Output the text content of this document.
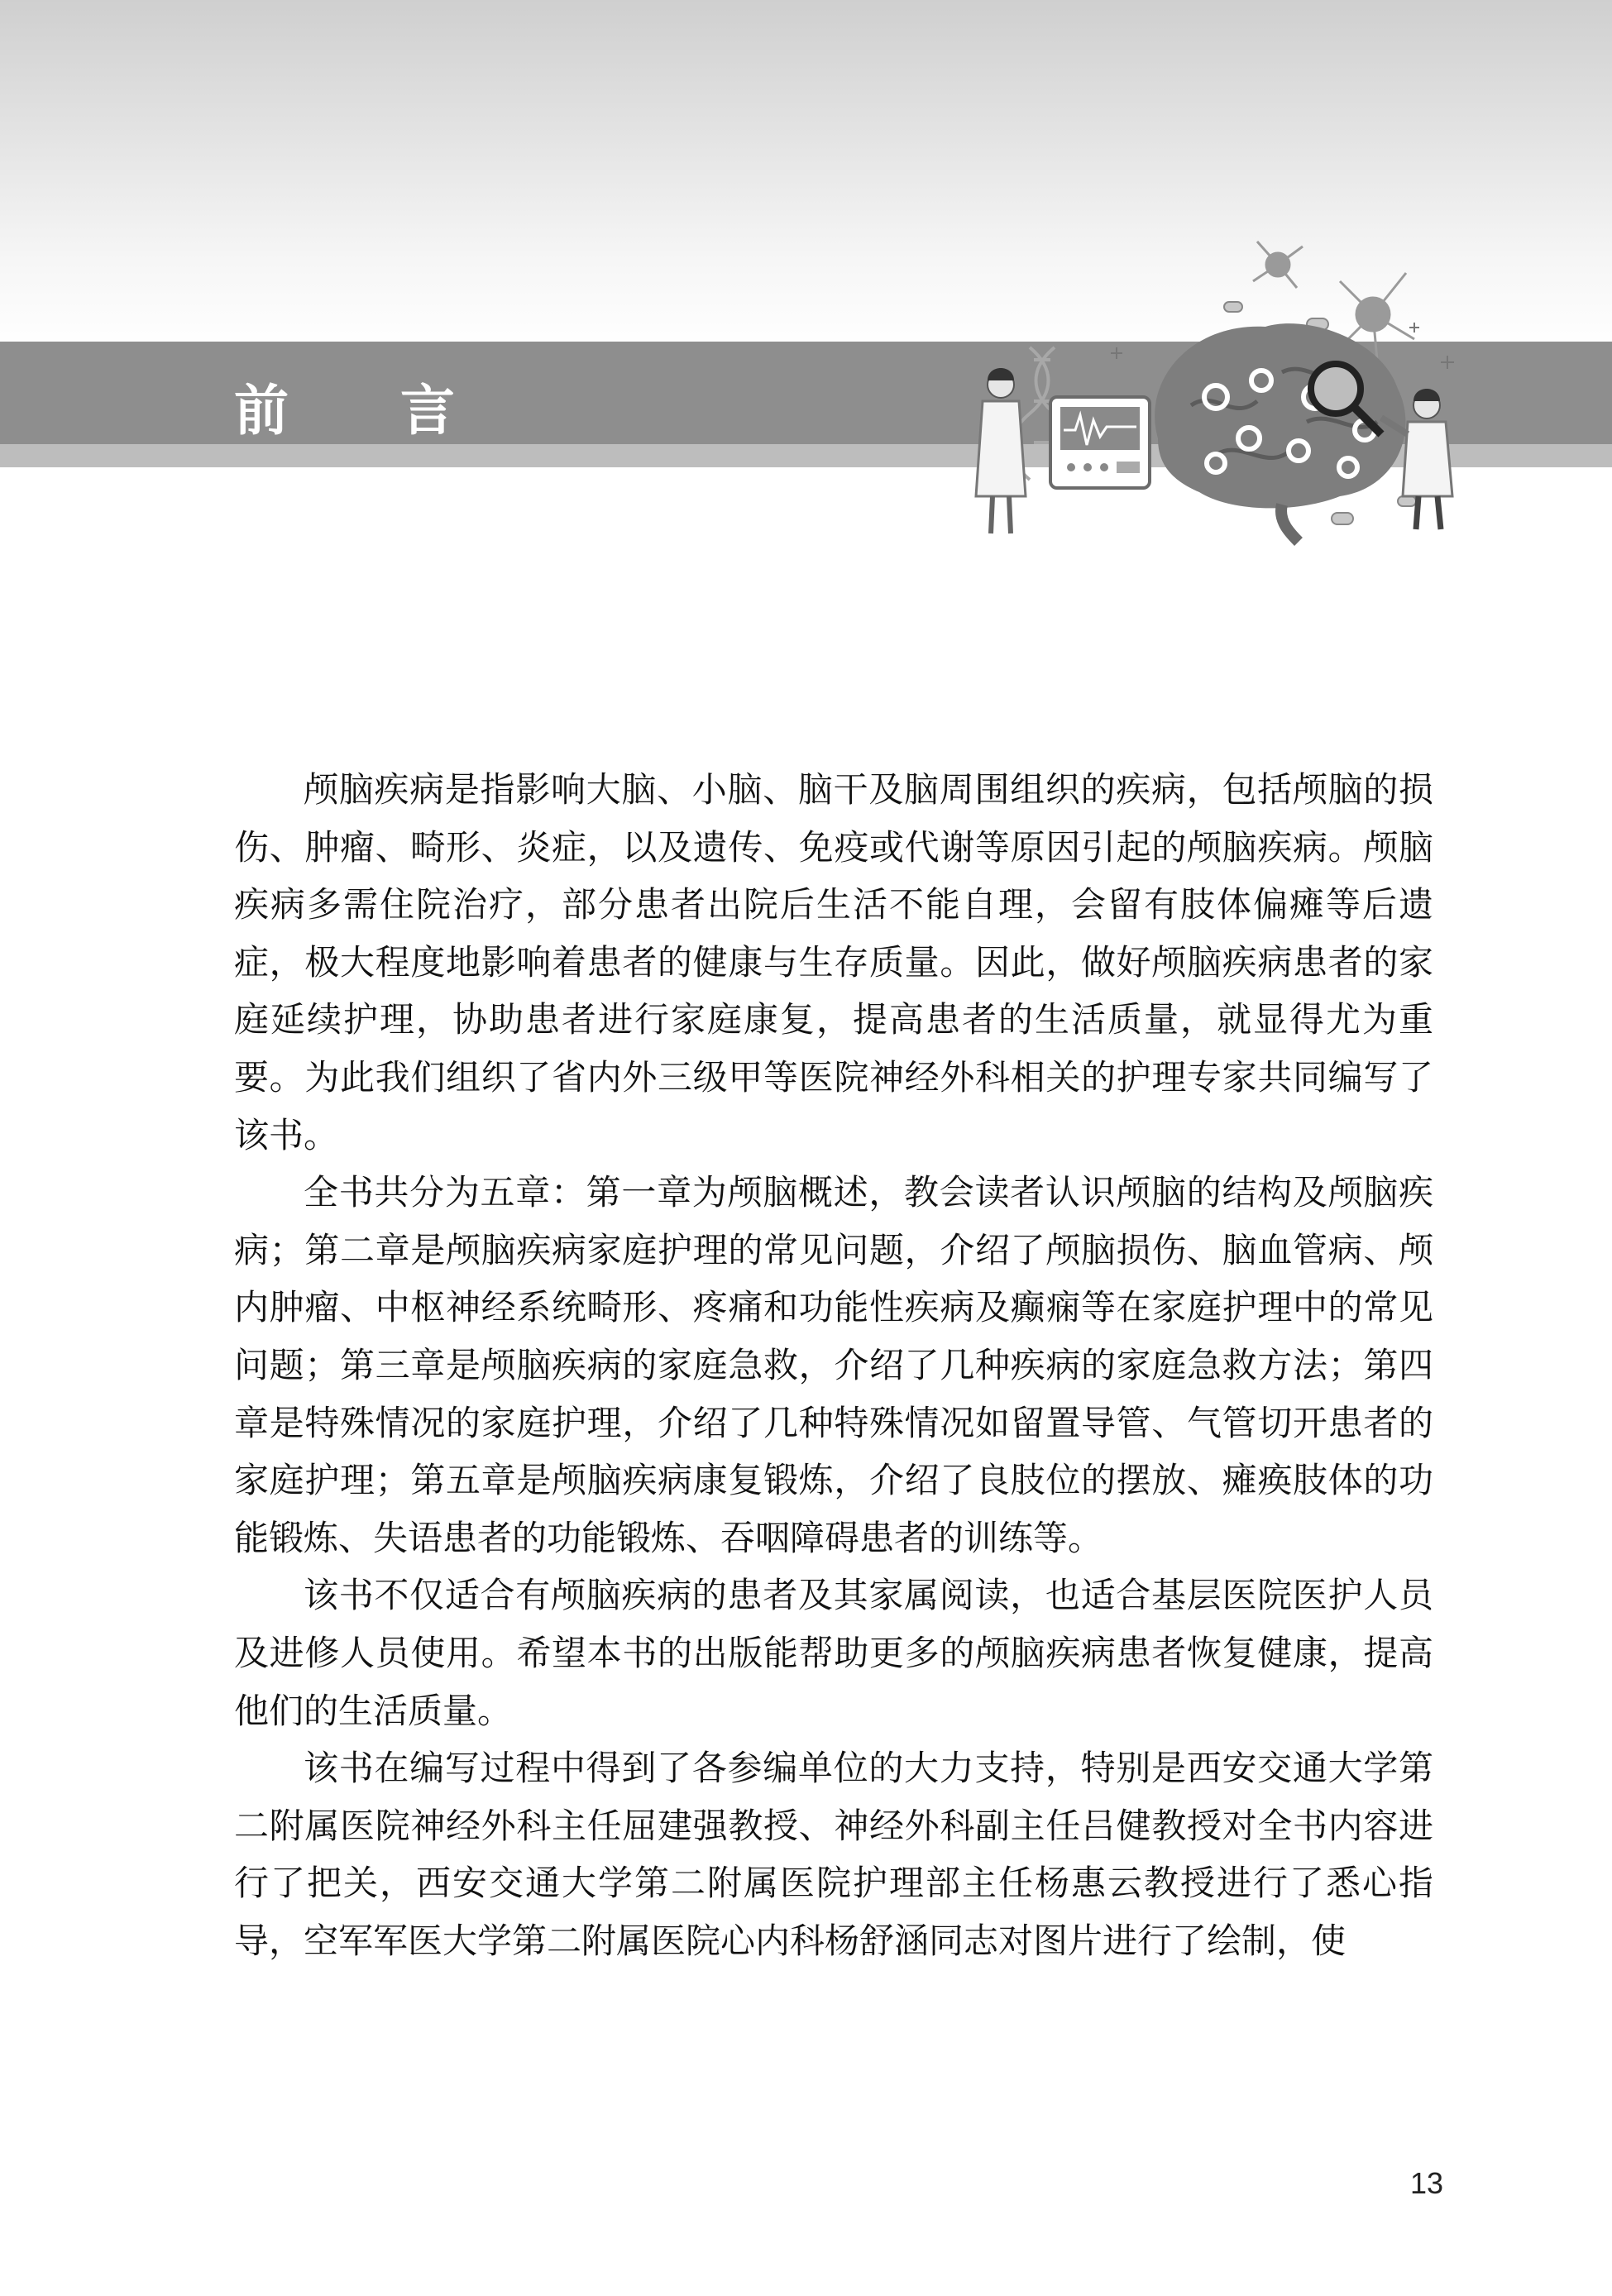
前 言

颅脑疾病是指影响大脑、小脑、脑干及脑周围组织的疾病，包括颅脑的损伤、肿瘤、畸形、炎症，以及遗传、免疫或代谢等原因引起的颅脑疾病。颅脑疾病多需住院治疗，部分患者出院后生活不能自理，会留有肢体偏瘫等后遗症，极大程度地影响着患者的健康与生存质量。因此，做好颅脑疾病患者的家庭延续护理，协助患者进行家庭康复，提高患者的生活质量，就显得尤为重要。为此我们组织了省内外三级甲等医院神经外科相关的护理专家共同编写了该书。

全书共分为五章：第一章为颅脑概述，教会读者认识颅脑的结构及颅脑疾病；第二章是颅脑疾病家庭护理的常见问题，介绍了颅脑损伤、脑血管病、颅内肿瘤、中枢神经系统畸形、疼痛和功能性疾病及癫痫等在家庭护理中的常见问题；第三章是颅脑疾病的家庭急救，介绍了几种疾病的家庭急救方法；第四章是特殊情况的家庭护理，介绍了几种特殊情况如留置导管、气管切开患者的家庭护理；第五章是颅脑疾病康复锻炼，介绍了良肢位的摆放、瘫痪肢体的功能锻炼、失语患者的功能锻炼、吞咽障碍患者的训练等。

该书不仅适合有颅脑疾病的患者及其家属阅读，也适合基层医院医护人员及进修人员使用。希望本书的出版能帮助更多的颅脑疾病患者恢复健康，提高他们的生活质量。

该书在编写过程中得到了各参编单位的大力支持，特别是西安交通大学第二附属医院神经外科主任屈建强教授、神经外科副主任吕健教授对全书内容进行了把关，西安交通大学第二附属医院护理部主任杨惠云教授进行了悉心指导，空军军医大学第二附属医院心内科杨舒涵同志对图片进行了绘制，使

13
